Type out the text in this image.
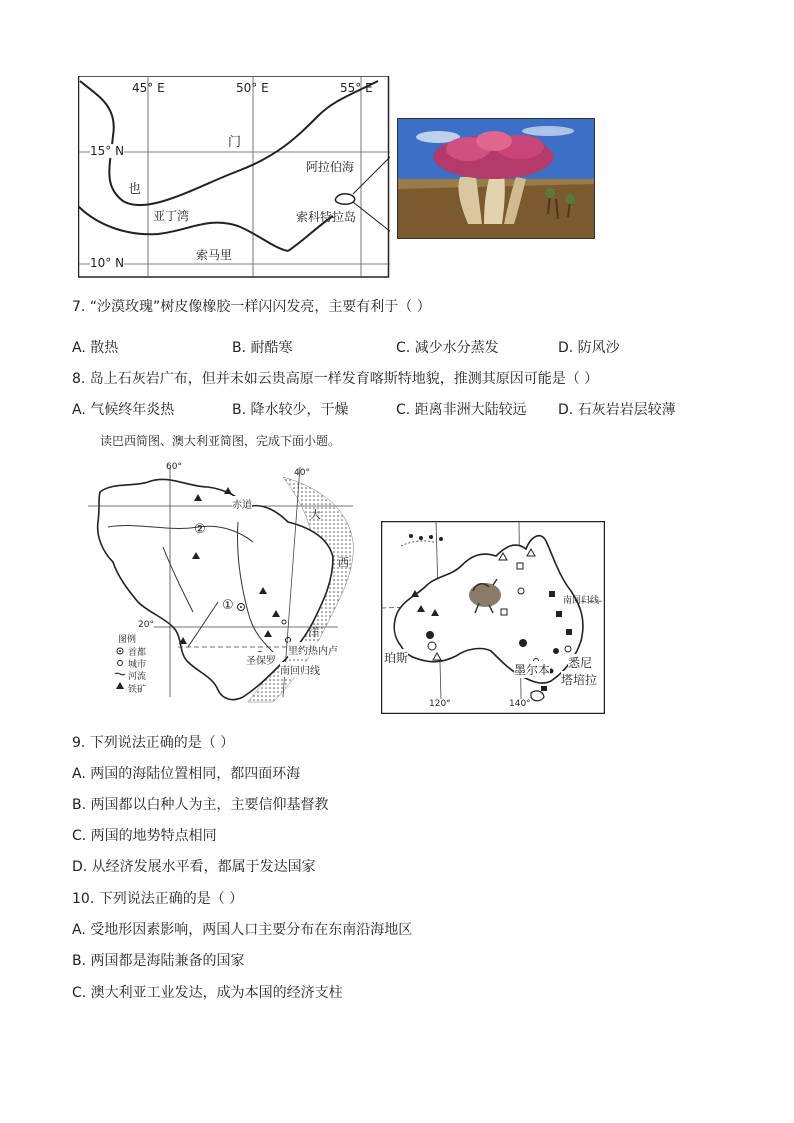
45° E	50° E	55° E
15° N
10° N
门
也
阿拉伯海
亚丁湾	索科特拉岛
索马里
7. “沙漠玫瑰”树皮像橡胶一样闪闪发亮，主要有利于（ ）
A. 散热	B. 耐酷寒	C. 减少水分蒸发	D. 防风沙
8. 岛上石灰岩广布，但并未如云贵高原一样发育喀斯特地貌，推测其原因可能是（ ）
A. 气候终年炎热	B. 降水较少，干燥	C. 距离非洲大陆较远 D. 石灰岩岩层较薄
读巴西简图、澳大利亚简图，完成下面小题。
60°
40°
20°
赤道
大
西
洋
②
①
里约热内卢
圣保罗
南回归线
图例
首都
城市
河流
铁矿
南回归线
珀斯
墨尔本 悉尼
塔培拉
120°	140°
9. 下列说法正确的是（ ）
A. 两国的海陆位置相同，都四面环海
B. 两国都以白种人为主，主要信仰基督教
C. 两国的地势特点相同
D. 从经济发展水平看，都属于发达国家
10. 下列说法正确的是（ ）
A. 受地形因素影响，两国人口主要分布在东南沿海地区
B. 两国都是海陆兼备的国家
C. 澳大利亚工业发达，成为本国的经济支柱
